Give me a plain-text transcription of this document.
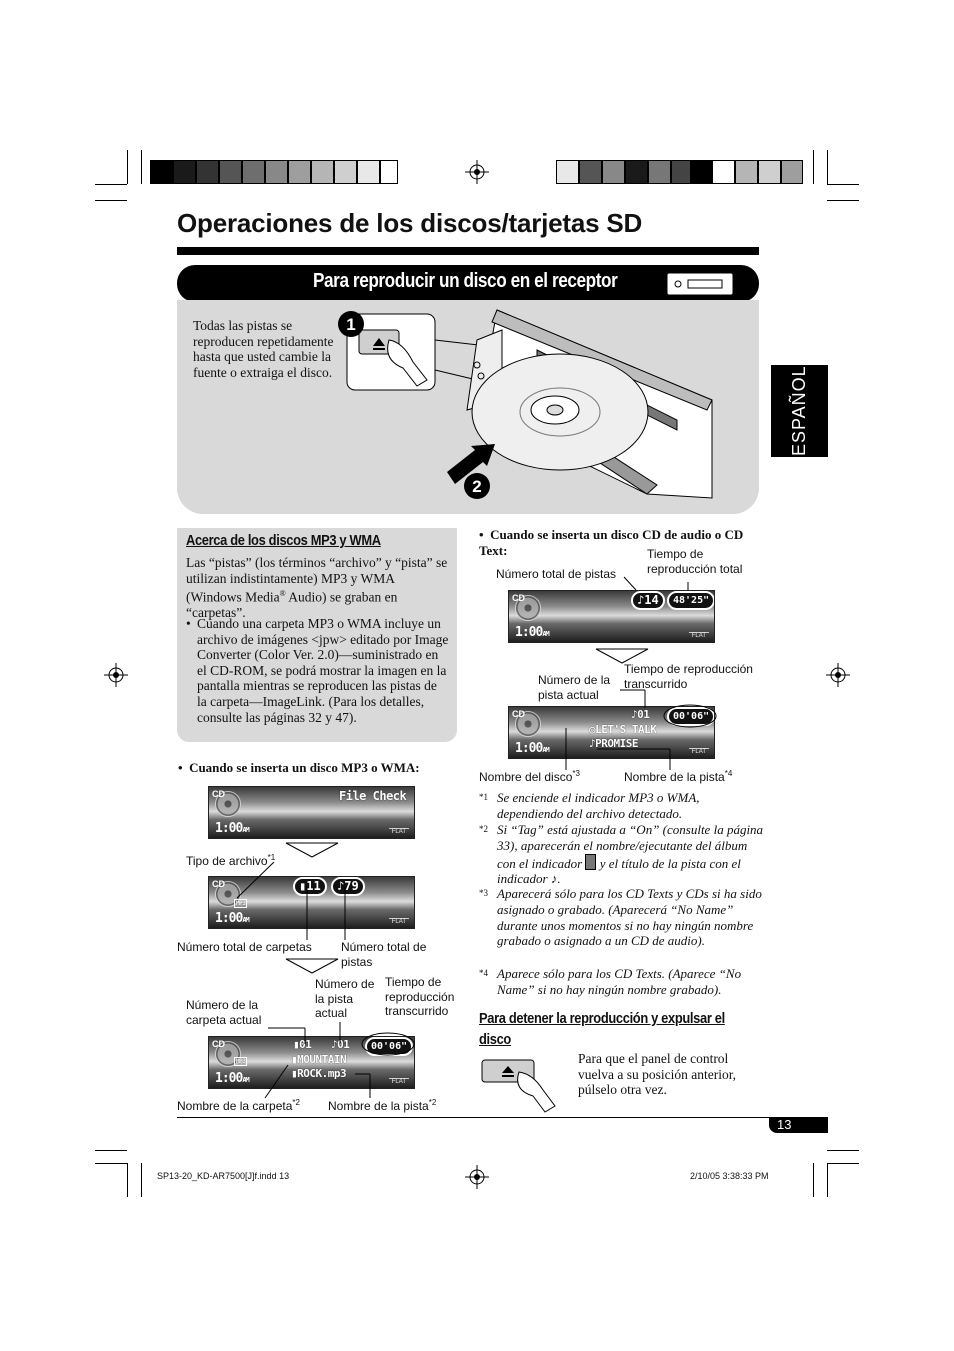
Operaciones de los discos/tarjetas SD
Para reproducir un disco en el receptor
ESPAÑOL
Todas las pistas se reproducen repetidamente hasta que usted cambie la fuente o extraiga el disco.
1
2
Acerca de los discos MP3 y WMA
Las “pistas” (los términos “archivo” y “pista” se utilizan indistintamente) MP3 y WMA (Windows Media® Audio) se graban en “carpetas”.
• Cuando una carpeta MP3 o WMA incluye un archivo de imágenes <jpw> editado por Image Converter (Color Ver. 2.0)—suministrado en el CD-ROM, se podrá mostrar la imagen en la pantalla mientras se reproducen las pistas de la carpeta—ImageLink. (Para los detalles, consulte las páginas 32 y 47).
• Cuando se inserta un disco MP3 o WMA:
CD	File Check
1:00AM	FLAT
Tipo de archivo$^{*1}$
CD
MP3
▮11	♪79
1:00AM	FLAT
Número total de carpetas Número total de pistas
Número de la carpeta actual
Número de la pista actual
Tiempo de reproducción transcurrido
CD
MP3
▮01 ♪01	00'06"
▮MOUNTAIN
▮ROCK.mp3
1:00AM	FLAT
Nombre de la carpeta$^{*2}$ Nombre de la pista$^{*2}$
• Cuando se inserta un disco CD de audio o CD Text:
Número total de pistas
Tiempo de reproducción total
CD	♪14	48'25"
1:00AM	FLAT
Número de la pista actual
Tiempo de reproducción transcurrido
CD	♪01	00'06"
◎LET'S TALK
♪PROMISE
1:00AM	FLAT
Nombre del disco$^{*3}$	Nombre de la pista$^{*4}$
*1 Se enciende el indicador MP3 o WMA, dependiendo del archivo detectado.
*2 Si “Tag” está ajustada a “On” (consulte la página 33), aparecerán el nombre/ejecutante del álbum con el indicador y el título de la pista con el indicador ♪.
*3 Aparecerá sólo para los CD Texts y CDs si ha sido asignado o grabado. (Aparecerá “No Name” durante unos momentos si no hay ningún nombre grabado o asignado a un CD de audio).
*4 Aparece sólo para los CD Texts. (Aparece “No Name” si no hay ningún nombre grabado).
Para detener la reproducción y expulsar el disco
Para que el panel de control vuelva a su posición anterior, púlselo otra vez.
13
SP13-20_KD-AR7500[J]f.indd 13	2/10/05 3:38:33 PM
